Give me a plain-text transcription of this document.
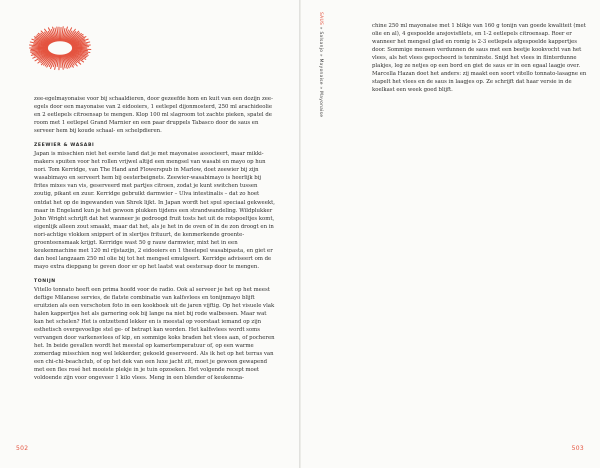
zee-egelmayonaise voor bij schaaldieren, door gezeefde hom en kuit van een dozijn zee-egels door een mayonaise van 2 eidooiers, 1 eetlepel dijonmosterd, 250 ml arachideolie en 2 eetlepels citroensap te mengen. Klop 100 ml slagroom tot zachte pieken, spatel de room met 1 eetlepel Grand Marnier en een paar druppels Tabasco door de saus en serveer hem bij koude schaal- en schelpdieren.

ZEEWIER & WASABI

Japan is misschien niet het eerste land dat je met mayonaise associeert, maar mikki-makers spuiten voor het rollen vrijwel altijd een mengsel van wasabi en mayo op hun nori. Tom Kerridge, van The Hand and Flowerspub in Marlow, doet zeewier bij zijn wasabimayo en serveert hem bij oesterbeignets. Zeewier-wasabimayo is heerlijk bij frites mixes van vis, geserveerd met partjes citroen, zodat je kunt switchen tussen zoutig, pikant en zuur. Kerridge gebruikt darmwier – Ulva intestinalis – dat zo hoet ontdat het op de ingewanden van Shrek lijkt. In Japan wordt het spul speciaal gekweekt, maar in Engeland kun je het gewoon plukken tijdens een strandwandeling. Wildplukker John Wright schrijft dat het wanneer je gedroogd fruit tosts het uit de rotspoeltjes komt, eigenlijk alleen zout smaakt, maar dat het, als je het in de oven of in de zon droogt en in nori-achtige vlokken snippert of in slertjes frituurt, de kenmerkende groente-groenteensmaak krijgt. Kerridge wast 50 g rauw darmwier, mixt het in een keukenmachine met 120 ml rijstazijn, 2 eidooiers en 1 theelepel wasabipasta, en giet er dan heel langzaam 250 ml olie bij tot het mengsel emulgeert. Kerridge adviseert om de mayo extra diepgang te geven door er op het laatst wat oestersap door te mengen.

TONIJN

Vitello tonnato heeft een prima hoofd voor de radio. Ook al serveer je het op het meest deftige Milanese servies, de flatste combinatie van kalfsvlees en tonijnmayo blijft eruitzien als een verschoten foto in een kookboek uit de jaren vijftig. Op het visuele vlak halen kappertjes het als garnering ook bij lange na niet bij rode walbessen. Maar wat kan het schelen? Het is ontzettend lekker en is meestal op voorstaat iemand op zijn esthetisch overgevoelige stel ge- of betrapt kan worden. Het kalfsvlees wordt soms vervangen door varkensvlees of kip, en sommige koks braden het vlees aan, of pocheren het. In beide gevallen wordt het meestal op kamertemperatuur of, op een warme zomerdag misschien nog wel lekkerder, gekoeld geserveerd. Als ik het op het terras van een chi-chi-beachclub, of op het dek van een luxe jacht zit, moet je gewoon gewapend met een fles rosé het mooiste plekje in je tuin opzoeken. Het volgende recept moet voldoende zijn voor ongeveer 1 kilo vlees. Meng in een blender of keukenma-

502
SAUS » Salsanjo » Mayonaise » Mayonaise	chine 250 ml mayonaise met 1 blikje van 160 g tonijn van goede kwaliteit (met olie en al), 4 gespoelde ansjovisfilets, en 1-2 eetlepels citroensap. Roer er wanneer het mengsel glad en romig is 2-3 eetlepels afgespoelde kappertjes door. Sommige mensen verdunnen de saus met een beetje kookvocht van het vlees, als het vlees gepocheerd is tenminste. Snijd het vlees in flinterdunne plakjes, leg ze netjes op een bord en giet de saus er in een egaal laagje over. Marcella Hazan doet het anders: zij maakt een soort vitello tonnato-lasagne en stapelt het vlees en de saus in laagjes op. Ze schrijft dat haar versie in de koelkast een week goed blijft.

503
